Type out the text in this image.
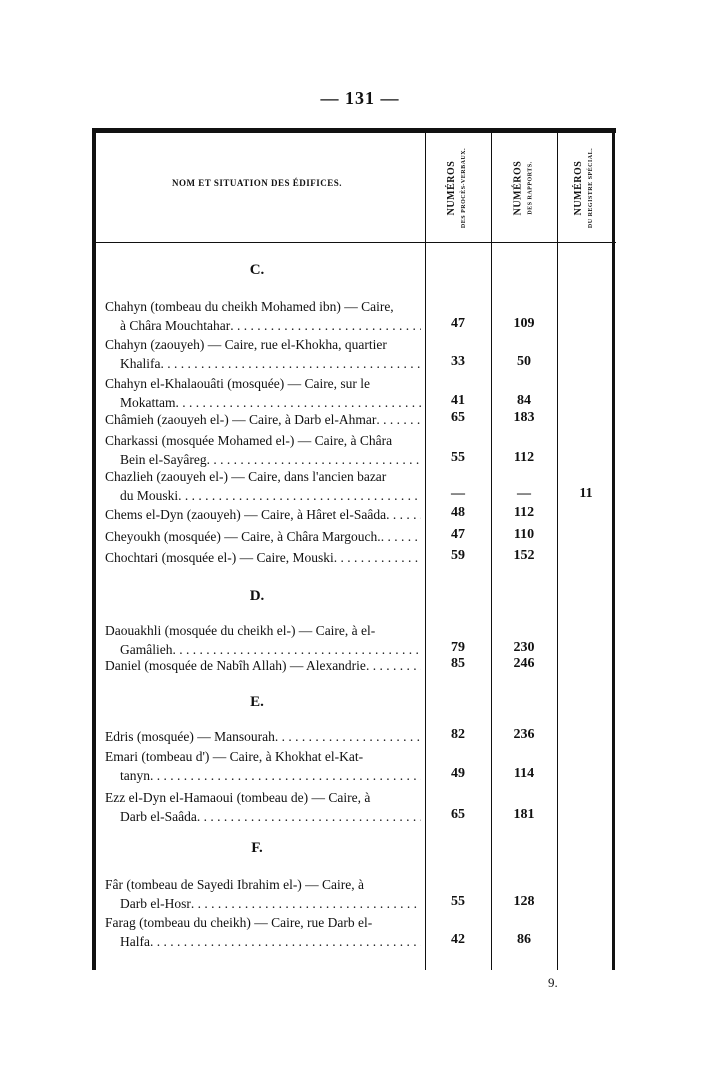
— 131 —
NOM ET SITUATION DES ÉDIFICES.	NUMÉROS DES PROCÈS-VERBAUX.	NUMÉROS DES RAPPORTS.	NUMÉROS DU REGISTRE SPÉCIAL.
C.
Chahyn (tombeau du cheikh Mohamed ibn) — Caire,
à Châra Mouchtahar . . .	47	109
Chahyn (zaouyeh) — Caire, rue el-Khokha, quartier
Khalifa . . .	33	50
Chahyn el-Khalaouâti (mosquée) — Caire, sur le
Mokattam . . .	41	84
Châmieh (zaouyeh el-) — Caire, à Darb el-Ahmar . . .	65	183
Charkassi (mosquée Mohamed el-) — Caire, à Châra
Bein el-Sayâreg . . .	55	112
Chazlieh (zaouyeh el-) — Caire, dans l'ancien bazar
du Mouski . . .	—	—	11
Chems el-Dyn (zaouyeh) — Caire, à Hâret el-Saâda . . .	48	112
Cheyoukh (mosquée) — Caire, à Châra Margouch. . . .	47	110
Chochtari (mosquée el-) — Caire, Mouski . . .	59	152
D.
Daouakhli (mosquée du cheikh el-) — Caire, à el-
Gamâlieh . . .	79	230
Daniel (mosquée de Nabîh Allah) — Alexandrie . . .	85	246
E.
Edris (mosquée) — Mansourah . . .	82	236
Emari (tombeau d') — Caire, à Khokhat el-Kat-
tanyn . . .	49	114
Ezz el-Dyn el-Hamaoui (tombeau de) — Caire, à
Darb el-Saâda . . .	65	181
F.
Fâr (tombeau de Sayedi Ibrahim el-) — Caire, à
Darb el-Hosr . . .	55	128
Farag (tombeau du cheikh) — Caire, rue Darb el-
Halfa . . .	42	86
9.
